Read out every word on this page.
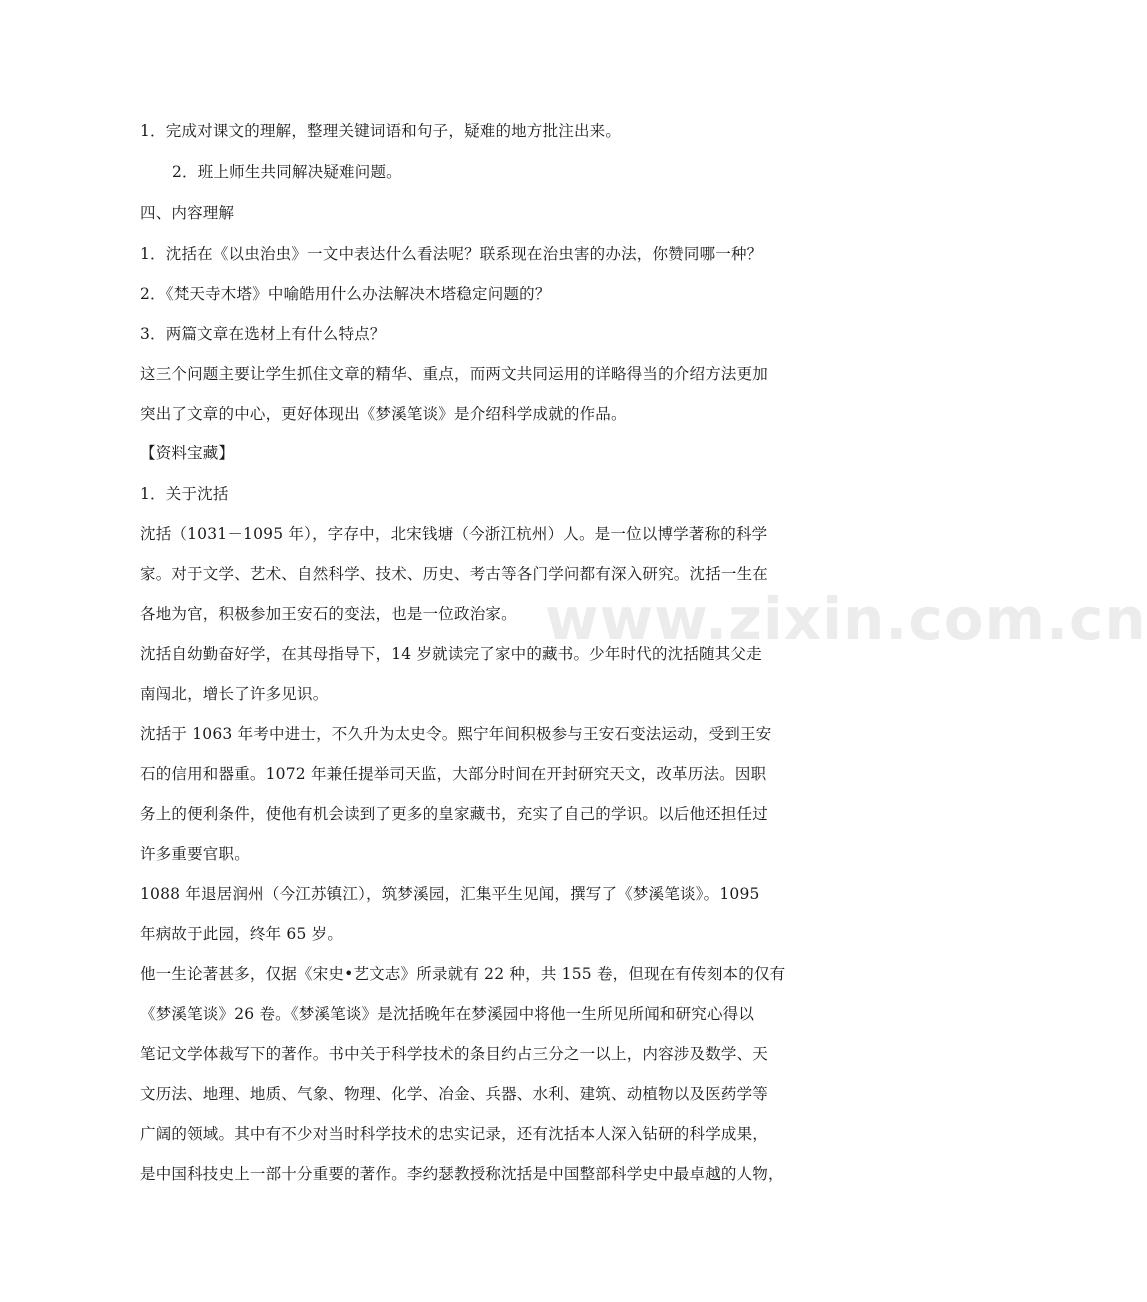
1．完成对课文的理解，整理关键词语和句子，疑难的地方批注出来。
2．班上师生共同解决疑难问题。
四、内容理解
1．沈括在《以虫治虫》一文中表达什么看法呢？联系现在治虫害的办法，你赞同哪一种？
2．《梵天寺木塔》中喻皓用什么办法解决木塔稳定问题的？
3．两篇文章在选材上有什么特点？
这三个问题主要让学生抓住文章的精华、重点，而两文共同运用的详略得当的介绍方法更加
突出了文章的中心，更好体现出《梦溪笔谈》是介绍科学成就的作品。
【资料宝藏】
1．关于沈括
沈括（1031－1095 年），字存中，北宋钱塘（今浙江杭州）人。是一位以博学著称的科学
家。对于文学、艺术、自然科学、技术、历史、考古等各门学问都有深入研究。沈括一生在
各地为官，积极参加王安石的变法，也是一位政治家。
沈括自幼勤奋好学，在其母指导下，14 岁就读完了家中的藏书。少年时代的沈括随其父走
南闯北，增长了许多见识。
沈括于 1063 年考中进士，不久升为太史令。熙宁年间积极参与王安石变法运动，受到王安
石的信用和器重。1072 年兼任提举司天监，大部分时间在开封研究天文，改革历法。因职
务上的便利条件，使他有机会读到了更多的皇家藏书，充实了自己的学识。以后他还担任过
许多重要官职。
1088 年退居润州（今江苏镇江），筑梦溪园，汇集平生见闻，撰写了《梦溪笔谈》。1095
年病故于此园，终年 65 岁。
他一生论著甚多，仅据《宋史•艺文志》所录就有 22 种，共 155 卷，但现在有传刻本的仅有
《梦溪笔谈》26 卷。《梦溪笔谈》是沈括晚年在梦溪园中将他一生所见所闻和研究心得以
笔记文学体裁写下的著作。书中关于科学技术的条目约占三分之一以上，内容涉及数学、天
文历法、地理、地质、气象、物理、化学、冶金、兵器、水利、建筑、动植物以及医药学等
广阔的领域。其中有不少对当时科学技术的忠实记录，还有沈括本人深入钻研的科学成果，
是中国科技史上一部十分重要的著作。李约瑟教授称沈括是中国整部科学史中最卓越的人物，
www.zixin.com.cn
